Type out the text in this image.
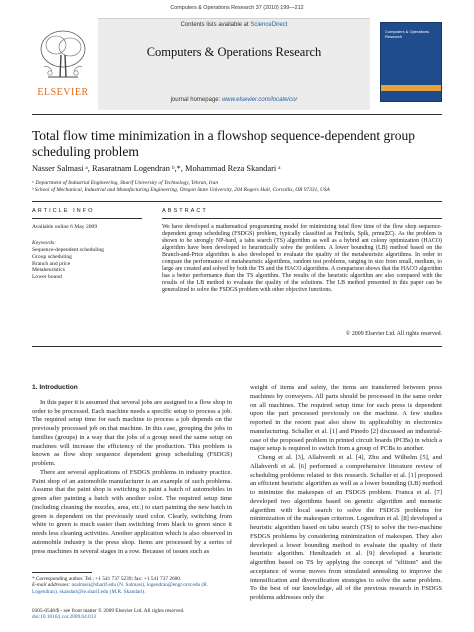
Computers & Operations Research 37 (2010) 199—212
ELSEVIER
Contents lists available at ScienceDirect
Computers & Operations Research
journal homepage: www.elsevier.com/locate/cor
Computers & Operations Research
Total flow time minimization in a flowshop sequence-dependent group scheduling problem
Nasser Salmasi ᵃ, Rasaratnam Logendran ᵇ,*, Mohammad Reza Skandari ᵃ
ᵃ Department of Industrial Engineering, Sharif University of Technology, Tehran, Iran
ᵇ School of Mechanical, Industrial and Manufacturing Engineering, Oregon State University, 204 Rogers Hall, Corvallis, OR 97331, USA
ARTICLE INFO	ABSTRACT
Available online 6 May 2009
Keywords:
Sequence-dependent scheduling
Group scheduling
Branch and price
Metaheuristics
Lower bound
We have developed a mathematical programming model for minimizing total flow time of the flow shop sequence-dependent group scheduling (FSDGS) problem, typically classified as Fm|fmls, Splk, prmu|ΣCj. As the problem is shown to be strongly NP-hard, a tabu search (TS) algorithm as well as a hybrid ant colony optimization (HACO) algorithm have been developed to heuristically solve the problem. A lower bounding (LB) method based on the Branch-and-Price algorithm is also developed to evaluate the quality of the metaheuristic algorithms. In order to compare the performance of metaheuristic algorithms, random test problems, ranging in size from small, medium, to large are created and solved by both the TS and the HACO algorithms. A comparison shows that the HACO algorithm has a better performance than the TS algorithm. The results of the heuristic algorithm are also compared with the results of the LB method to evaluate the quality of the solutions. The LB method presented in this paper can be generalized to solve the FSDGS problem with other objective functions.
© 2009 Elsevier Ltd. All rights reserved.
1. Introduction

In this paper it is assumed that several jobs are assigned to a flow shop in order to be processed. Each machine needs a specific setup to process a job. The required setup time for each machine to process a job depends on the previously processed job on that machine. In this case, grouping the jobs in families (groups) in a way that the jobs of a group need the same setup on machines will increase the efficiency of the production. This problem is known as flow shop sequence dependent group scheduling (FSDGS) problem.

There are several applications of FSDGS problems in industry practice. Paint shop of an automobile manufacturer is an example of such problems. Assume that the paint shop is switching to paint a batch of automobiles in green after painting a batch with another color. The required setup time (including cleaning the nozzles, area, etc.) to start painting the new batch in green is dependent on the previously used color. Clearly, switching from white to green is much easier than switching from black to green since it needs less cleaning activities. Another application which is also observed in automobile industry is the press shop. Items are processed by a series of press machines in several stages in a row. Because of issues such as

weight of items and safety, the items are transferred between press machines by conveyers. All parts should be processed in the same order on all machines. The required setup time for each press is dependent upon the part processed previously on the machine. A few studies reported in the recent past also show its applicability in electronics manufacturing. Schaller et al. [1] and Pinedo [2] discussed an industrial-case of the proposed problem in printed circuit boards (PCBs) in which a major setup is required to switch from a group of PCBs to another.

Cheng et al. [3], Allahverdi et al. [4], Zhu and Wilhelm [5], and Allahverdi et al. [6] performed a comprehensive literature review of scheduling problems related to this research. Schaller et al. [1] proposed an efficient heuristic algorithm as well as a lower bounding (LB) method to minimize the makespan of an FSDGS problem. Franca et al. [7] developed two algorithms based on genetic algorithm and memetic algorithm with local search to solve the FSDGS problems for minimization of the makespan criterion. Logendran et al. [8] developed a heuristic algorithm based on tabu search (TS) to solve the two-machine FSDGS problems by considering minimization of makespan. They also developed a lower bounding method to evaluate the quality of their heuristic algorithm. Hendizadeh et al. [9] developed a heuristic algorithm based on TS by applying the concept of "elitism" and the acceptance of worse moves from simulated annealing to improve the intensification and diversification strategies to solve the same problem. To the best of our knowledge, all of the previous research in FSDGS problems addresses only the

* Corresponding author. Tel.: +1 541 737 5239; fax: +1 541 737 2600.
E-mail addresses: nsalmasi@sharif.edu (N. Salmasi), logendran@engr.orst.edu (R. Logendran), skandari@ie.sharif.edu (M.R. Skandari).
0305-0548/$ - see front matter © 2009 Elsevier Ltd. All rights reserved.
doi:10.1016/j.cor.2009.04.013
